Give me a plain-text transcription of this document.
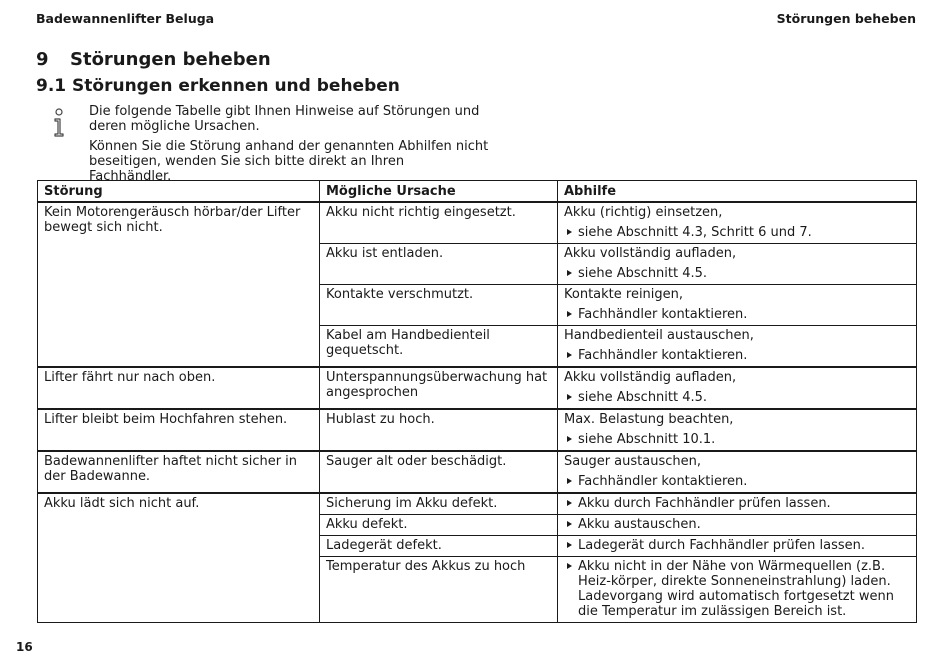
Badewannenlifter Beluga	Störungen beheben
9 Störungen beheben
9.1 Störungen erkennen und beheben

Die folgende Tabelle gibt Ihnen Hinweise auf Störungen und deren mögliche Ursachen.

Können Sie die Störung anhand der genannten Abhilfen nicht beseitigen, wenden Sie sich bitte direkt an Ihren Fachhändler.

Störung	Mögliche Ursache	Abhilfe
Kein Motorengeräusch hörbar/der Lifter bewegt sich nicht.	Akku nicht richtig eingesetzt.	Akku (richtig) einsetzen,
siehe Abschnitt 4.3, Schritt 6 und 7.

	Akku ist entladen.	Akku vollständig aufladen,
siehe Abschnitt 4.5.

	Kontakte verschmutzt.	Kontakte reinigen,
Fachhändler kontaktieren.

	Kabel am Handbedienteil gequetscht.	Handbedienteil austauschen,
Fachhändler kontaktieren.

Lifter fährt nur nach oben.	Unterspannungsüberwachung hat angesprochen	Akku vollständig aufladen,
siehe Abschnitt 4.5.

Lifter bleibt beim Hochfahren stehen.	Hublast zu hoch.	Max. Belastung beachten,
siehe Abschnitt 10.1.

Badewannenlifter haftet nicht sicher in der Badewanne.	Sauger alt oder beschädigt.	Sauger austauschen,
Fachhändler kontaktieren.

Akku lädt sich nicht auf.	Sicherung im Akku defekt.	Akku durch Fachhändler prüfen lassen.

	Akku defekt.	Akku austauschen.

	Ladegerät defekt.	Ladegerät durch Fachhändler prüfen lassen.

	Temperatur des Akkus zu hoch	Akku nicht in der Nähe von Wärmequellen (z.B. Heiz-körper, direkte Sonneneinstrahlung) laden. Ladevorgang wird automatisch fortgesetzt wenn die Temperatur im zulässigen Bereich ist.
16
